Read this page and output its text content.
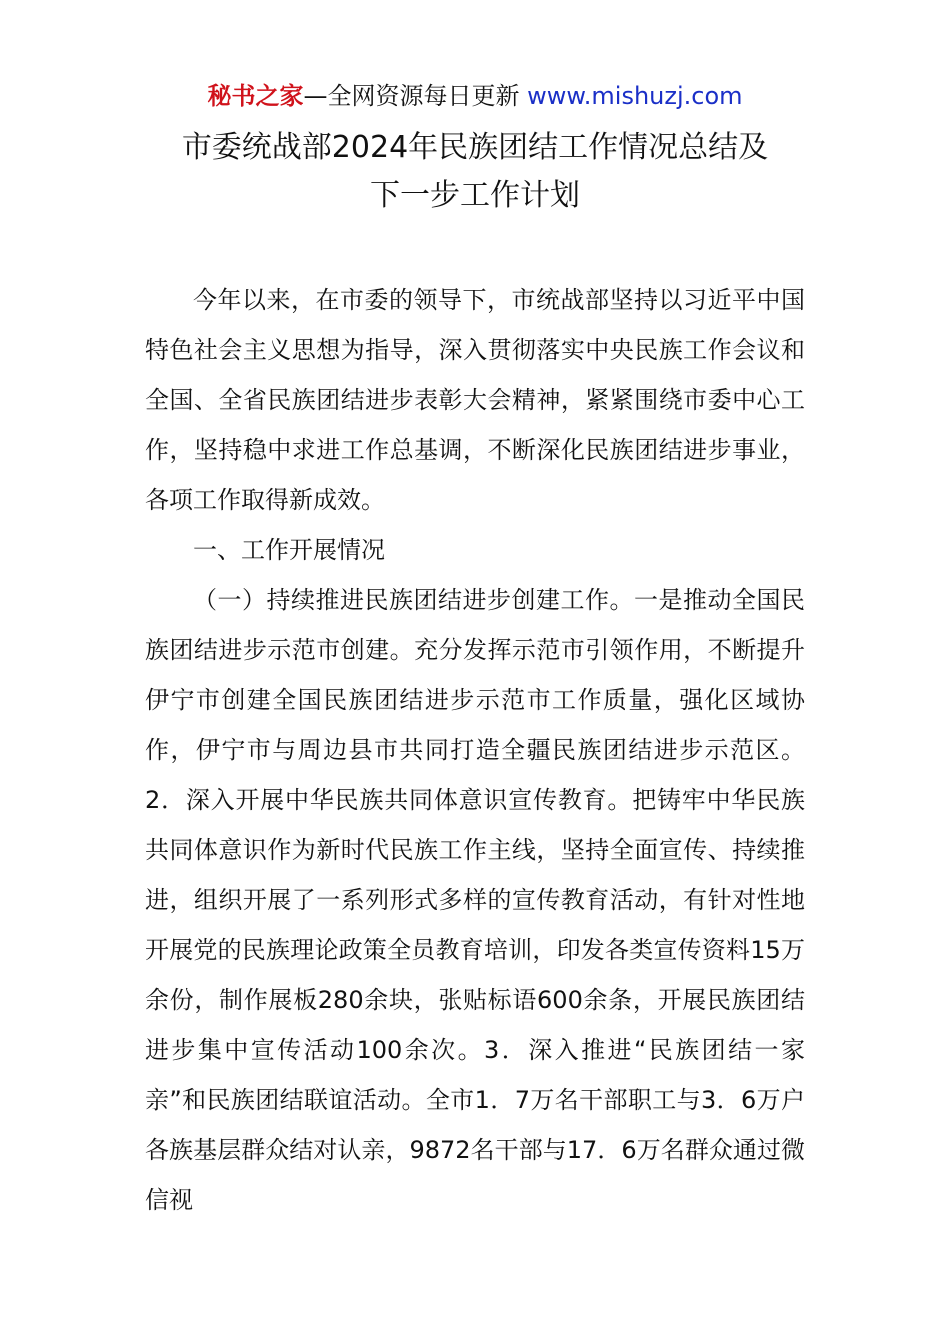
秘书之家—全网资源每日更新 www.mishuzj.com
市委统战部2024年民族团结工作情况总结及
下一步工作计划

今年以来，在市委的领导下，市统战部坚持以习近平中国特色社会主义思想为指导，深入贯彻落实中央民族工作会议和全国、全省民族团结进步表彰大会精神，紧紧围绕市委中心工作，坚持稳中求进工作总基调，不断深化民族团结进步事业，各项工作取得新成效。

一、工作开展情况

（一）持续推进民族团结进步创建工作。一是推动全国民族团结进步示范市创建。充分发挥示范市引领作用，不断提升伊宁市创建全国民族团结进步示范市工作质量，强化区域协作，伊宁市与周边县市共同打造全疆民族团结进步示范区。2．深入开展中华民族共同体意识宣传教育。把铸牢中华民族共同体意识作为新时代民族工作主线，坚持全面宣传、持续推进，组织开展了一系列形式多样的宣传教育活动，有针对性地开展党的民族理论政策全员教育培训，印发各类宣传资料15万余份，制作展板280余块，张贴标语600余条，开展民族团结进步集中宣传活动100余次。3．深入推进“民族团结一家亲”和民族团结联谊活动。全市1．7万名干部职工与3．6万户各族基层群众结对认亲，9872名干部与17．6万名群众通过微信视
